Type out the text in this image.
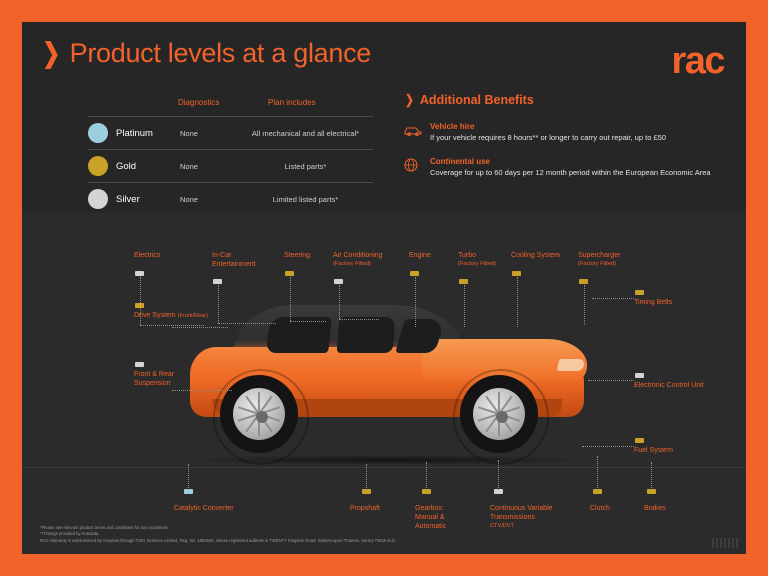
❯ Product levels at a glance	rac
Diagnostics	Plan includes
Platinum	None	All mechanical and all electrical*
Gold	None	Listed parts*
Silver	None	Limited listed parts*
❯ Additional Benefits
Vehicle hire
If your vehicle requires 8 hours** or longer to carry out repair, up to £50
Continental use
Coverage for up to 60 days per 12 month period within the European Economic Area
Electrics	In-Car Entertainment
Steering	Air Conditioning
(Factory Fitted)
Engine	Turbo
(Factory Fitted)
Cooling System	Supercharger
(Factory Fitted)
Drive System (Front/Rear)
Front & Rear Suspension
Timing Belts
Electronic Control Unit
Fuel System
Catalytic Converter	Propshaft	Gearbox: Manual & Automatic
Continuous Variable Transmissions
CTV/DVT
Clutch	Brakes
*Please see relevant product terms and conditions for any exclusions.
**Timings provided by Autodata.
RAC Warranty is administered by Assurant through TWG Services Limited, Reg. No. 1883645, whose registered address is TWENTY Kingston Road, Staines-upon-Thames, Surrey TW18 4LG.
